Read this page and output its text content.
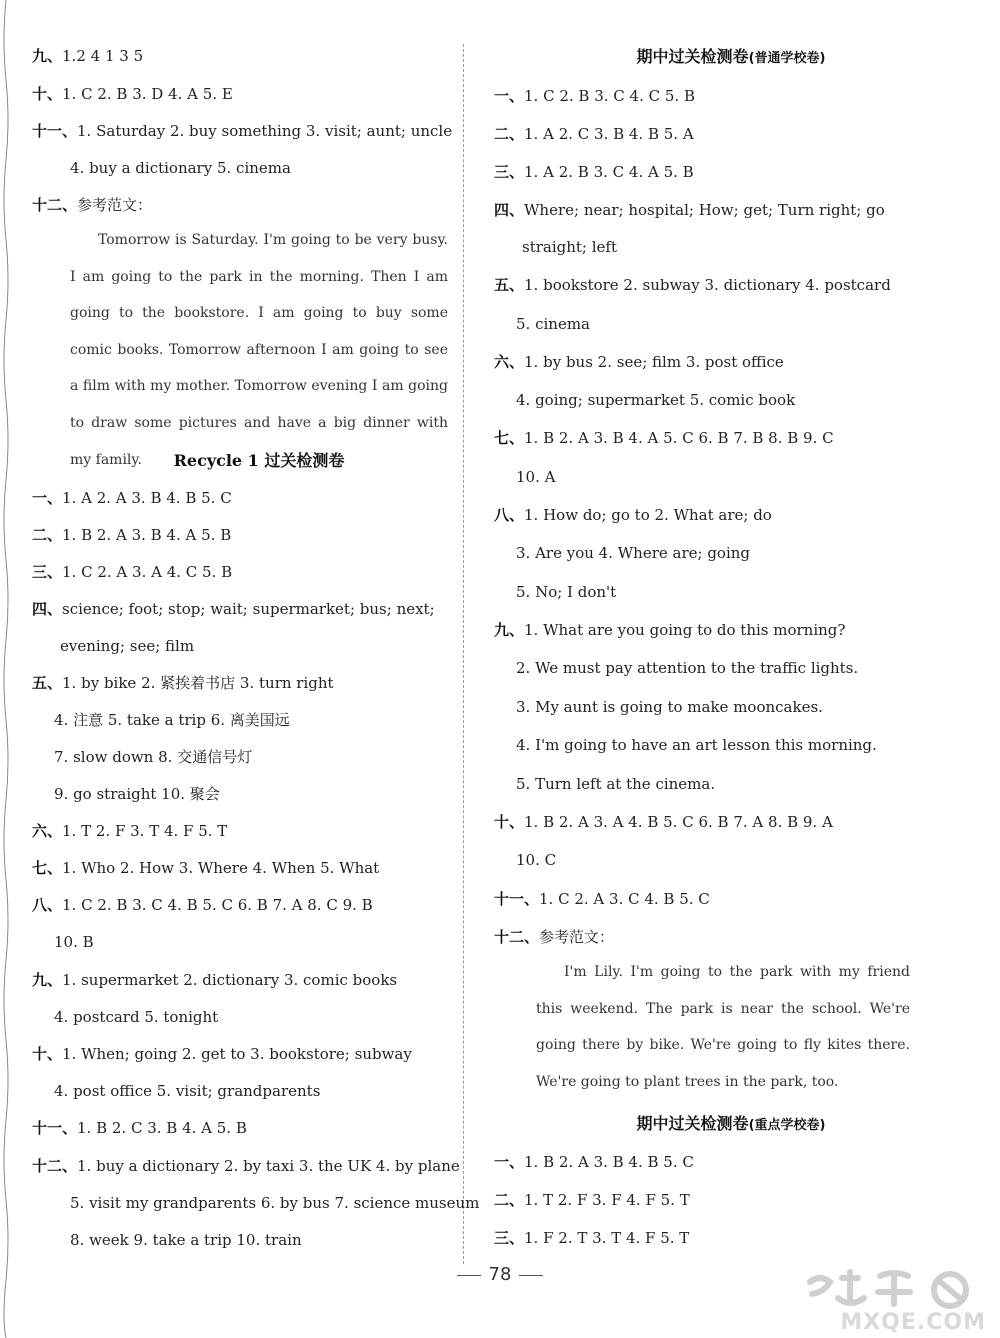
九、1.2 4 1 3 5
十、1. C 2. B 3. D 4. A 5. E
十一、1. Saturday 2. buy something 3. visit; aunt; uncle
4. buy a dictionary 5. cinema
十二、参考范文：
Tomorrow is Saturday. I'm going to be very busy. I am going to the park in the morning. Then I am going to the bookstore. I am going to buy some comic books. Tomorrow afternoon I am going to see a film with my mother. Tomorrow evening I am going to draw some pictures and have a big dinner with my family.	Recycle 1 过关检测卷
一、1. A 2. A 3. B 4. B 5. C
二、1. B 2. A 3. B 4. A 5. B
三、1. C 2. A 3. A 4. C 5. B
四、science; foot; stop; wait; supermarket; bus; next;
evening; see; film
五、1. by bike 2. 紧挨着书店 3. turn right
4. 注意 5. take a trip 6. 离美国远
7. slow down 8. 交通信号灯
9. go straight 10. 聚会
六、1. T 2. F 3. T 4. F 5. T
七、1. Who 2. How 3. Where 4. When 5. What
八、1. C 2. B 3. C 4. B 5. C 6. B 7. A 8. C 9. B
10. B
九、1. supermarket 2. dictionary 3. comic books
4. postcard 5. tonight
十、1. When; going 2. get to 3. bookstore; subway
4. post office 5. visit; grandparents
十一、1. B 2. C 3. B 4. A 5. B
十二、1. buy a dictionary 2. by taxi 3. the UK 4. by plane
5. visit my grandparents 6. by bus 7. science museum
8. week 9. take a trip 10. train
期中过关检测卷(普通学校卷)
一、1. C 2. B 3. C 4. C 5. B
二、1. A 2. C 3. B 4. B 5. A
三、1. A 2. B 3. C 4. A 5. B
四、Where; near; hospital; How; get; Turn right; go
straight; left
五、1. bookstore 2. subway 3. dictionary 4. postcard
5. cinema
六、1. by bus 2. see; film 3. post office
4. going; supermarket 5. comic book
七、1. B 2. A 3. B 4. A 5. C 6. B 7. B 8. B 9. C
10. A
八、1. How do; go to 2. What are; do
3. Are you 4. Where are; going
5. No; I don't
九、1. What are you going to do this morning?
2. We must pay attention to the traffic lights.
3. My aunt is going to make mooncakes.
4. I'm going to have an art lesson this morning.
5. Turn left at the cinema.
十、1. B 2. A 3. A 4. B 5. C 6. B 7. A 8. B 9. A
10. C
十一、1. C 2. A 3. C 4. B 5. C
十二、参考范文：
I'm Lily. I'm going to the park with my friend this weekend. The park is near the school. We're going there by bike. We're going to fly kites there. We're going to plant trees in the park, too.
期中过关检测卷(重点学校卷)
一、1. B 2. A 3. B 4. B 5. C
二、1. T 2. F 3. F 4. F 5. T
三、1. F 2. T 3. T 4. F 5. T
78
MXQE.COM
